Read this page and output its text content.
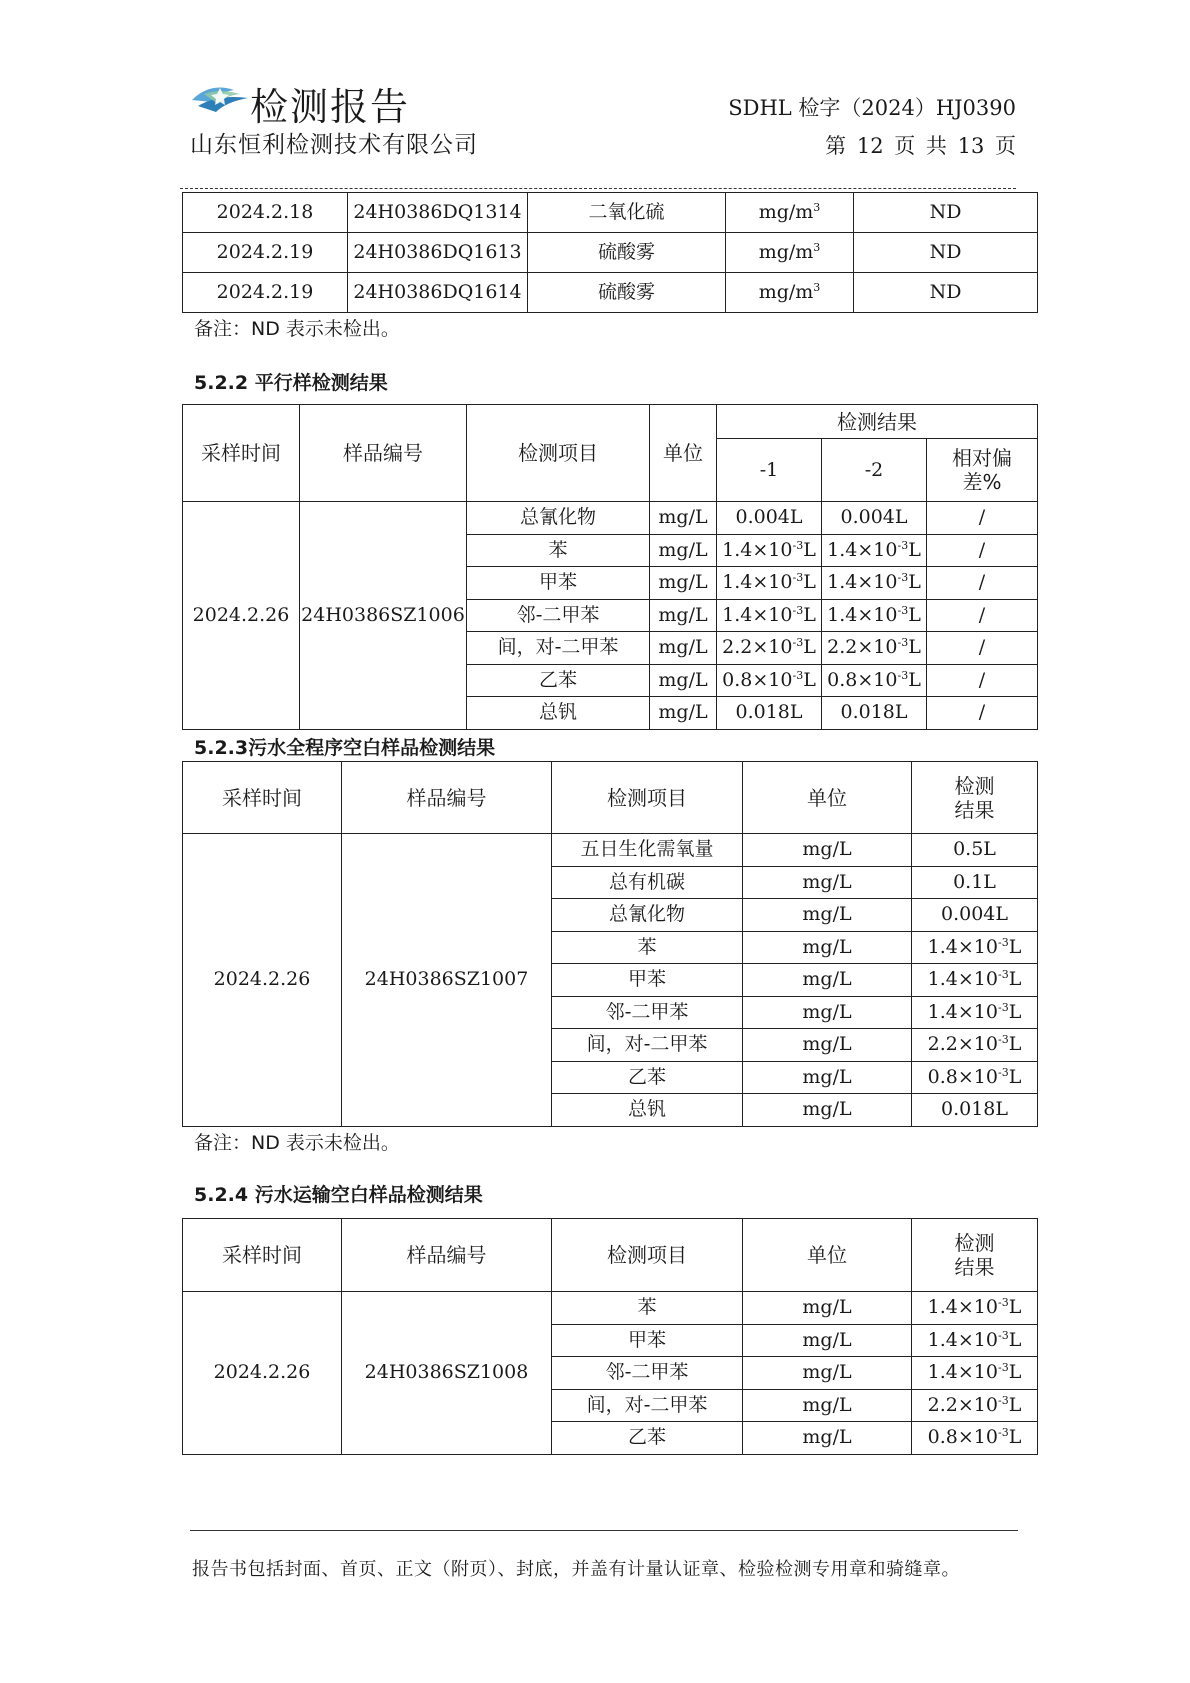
检测报告
山东恒利检测技术有限公司
SDHL 检字（2024）HJ0390
第 12 页 共 13 页
2024.2.18	24H0386DQ1314	二氧化硫	$mg/m^3$	ND
2024.2.19	24H0386DQ1613	硫酸雾	$mg/m^3$	ND
2024.2.19	24H0386DQ1614	硫酸雾	$mg/m^3$	ND
备注：ND 表示未检出。
5.2.2 平行样检测结果
采样时间	样品编号	检测项目	单位	检测结果		
				-1	-2	相对偏
差%
2024.2.26	24H0386SZ1006	总氰化物	mg/L	0.004L	0.004L	/
		苯	mg/L	$1.4\times 10^{-3}L$	$1.4\times 10^{-3}L$	/
		甲苯	mg/L	$1.4\times 10^{-3}L$	$1.4\times 10^{-3}L$	/
		邻-二甲苯	mg/L	$1.4\times 10^{-3}L$	$1.4\times 10^{-3}L$	/
		间，对-二甲苯	mg/L	$2.2\times 10^{-3}L$	$2.2\times 10^{-3}L$	/
		乙苯	mg/L	$0.8\times 10^{-3}L$	$0.8\times 10^{-3}L$	/
		总钒	mg/L	0.018L	0.018L	/
5.2.3污水全程序空白样品检测结果
采样时间	样品编号	检测项目	单位	检测
结果
2024.2.26	24H0386SZ1007	五日生化需氧量	mg/L	0.5L
		总有机碳	mg/L	0.1L
		总氰化物	mg/L	0.004L
		苯	mg/L	$1.4\times 10^{-3}L$
		甲苯	mg/L	$1.4\times 10^{-3}L$
		邻-二甲苯	mg/L	$1.4\times 10^{-3}L$
		间，对-二甲苯	mg/L	$2.2\times 10^{-3}L$
		乙苯	mg/L	$0.8\times 10^{-3}L$
		总钒	mg/L	0.018L
备注：ND 表示未检出。
5.2.4 污水运输空白样品检测结果
采样时间	样品编号	检测项目	单位	检测
结果
2024.2.26	24H0386SZ1008	苯	mg/L	$1.4\times 10^{-3}L$
		甲苯	mg/L	$1.4\times 10^{-3}L$
		邻-二甲苯	mg/L	$1.4\times 10^{-3}L$
		间，对-二甲苯	mg/L	$2.2\times 10^{-3}L$
		乙苯	mg/L	$0.8\times 10^{-3}L$
报告书包括封面、首页、正文（附页）、封底，并盖有计量认证章、检验检测专用章和骑缝章。
